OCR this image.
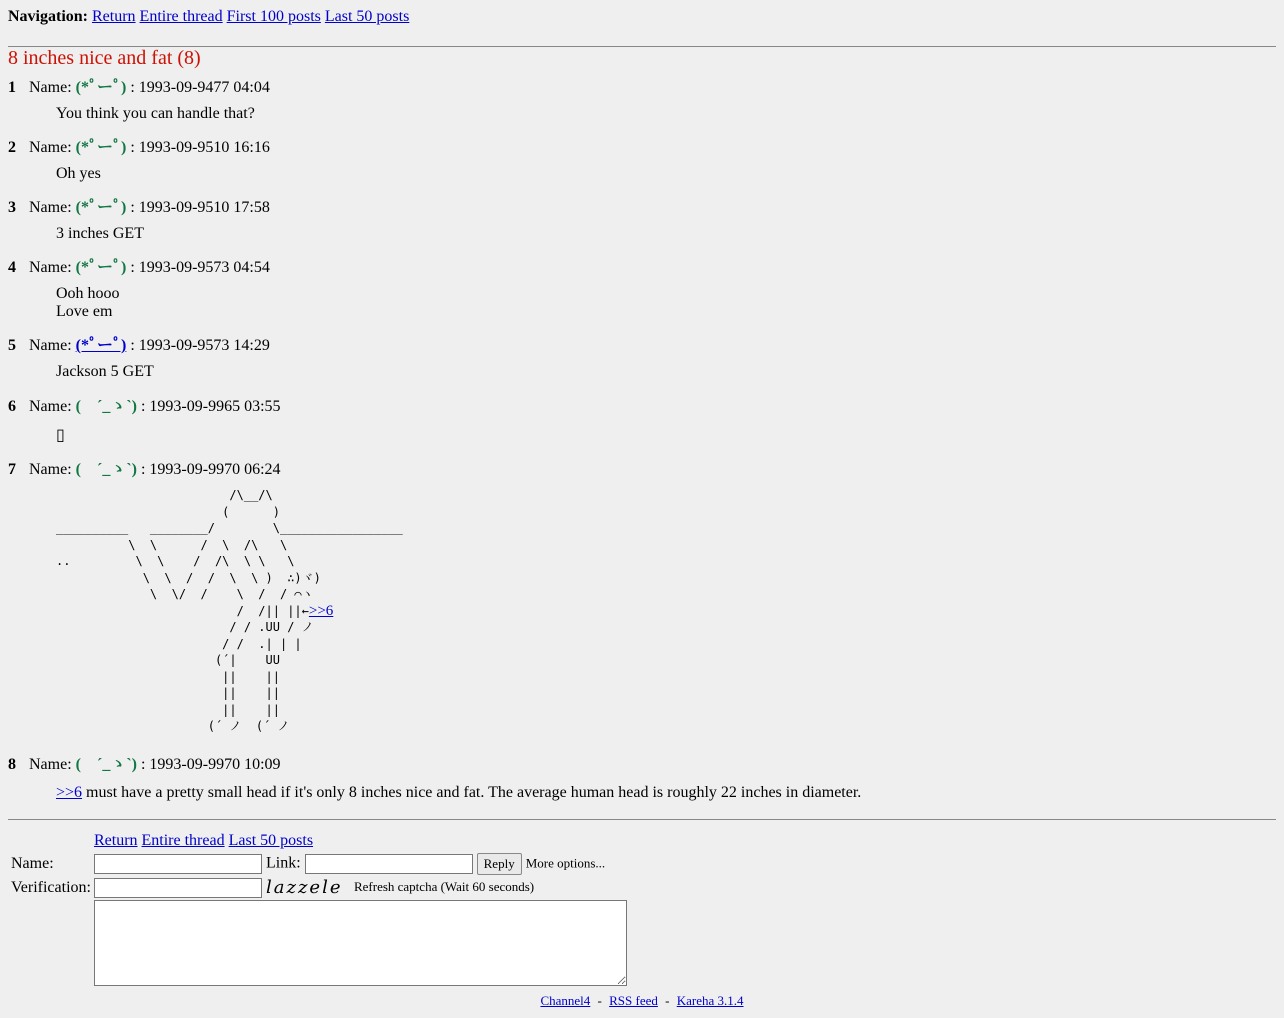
Navigation: Return Entire thread First 100 posts Last 50 posts
8 inches nice and fat (8)
1 Name: (*ﾟーﾟ) : 1993-09-9477 04:04
You think you can handle that?
2 Name: (*ﾟーﾟ) : 1993-09-9510 16:16
Oh yes
3 Name: (*ﾟーﾟ) : 1993-09-9510 17:58
3 inches GET
4 Name: (*ﾟーﾟ) : 1993-09-9573 04:54
Ooh hooo
Love em
5 Name: (*ﾟーﾟ) : 1993-09-9573 14:29
Jackson 5 GET
6 Name: (　´_ゝ`) : 1993-09-9965 03:55
▯
7 Name: (　´_ゝ`) : 1993-09-9970 06:24
/\__/\
(      )
__________   ________/        \_________________
\  \      /  \  /\   \
..         \  \    /  /\  \ \   \
\  \  /  /  \  \ )  ∴)ヾ)
\  \/  /    \  /  / ⌒ヽ
/  /|| ||←>>6
/ / .UU / ノ
/ /  .| | |
(´|    UU
||    ||
||    ||
||    ||
(´ ノ  (´ ノ
8 Name: (　´_ゝ`) : 1993-09-9970 10:09
>>6 must have a pretty small head if it's only 8 inches nice and fat. The average human head is roughly 22 inches in diameter.
	Return Entire thread Last 50 posts
Name:	Link: Reply More options...
Verification:	lazzele Refresh captcha (Wait 60 seconds)

Channel4 - RSS feed - Kareha 3.1.4
